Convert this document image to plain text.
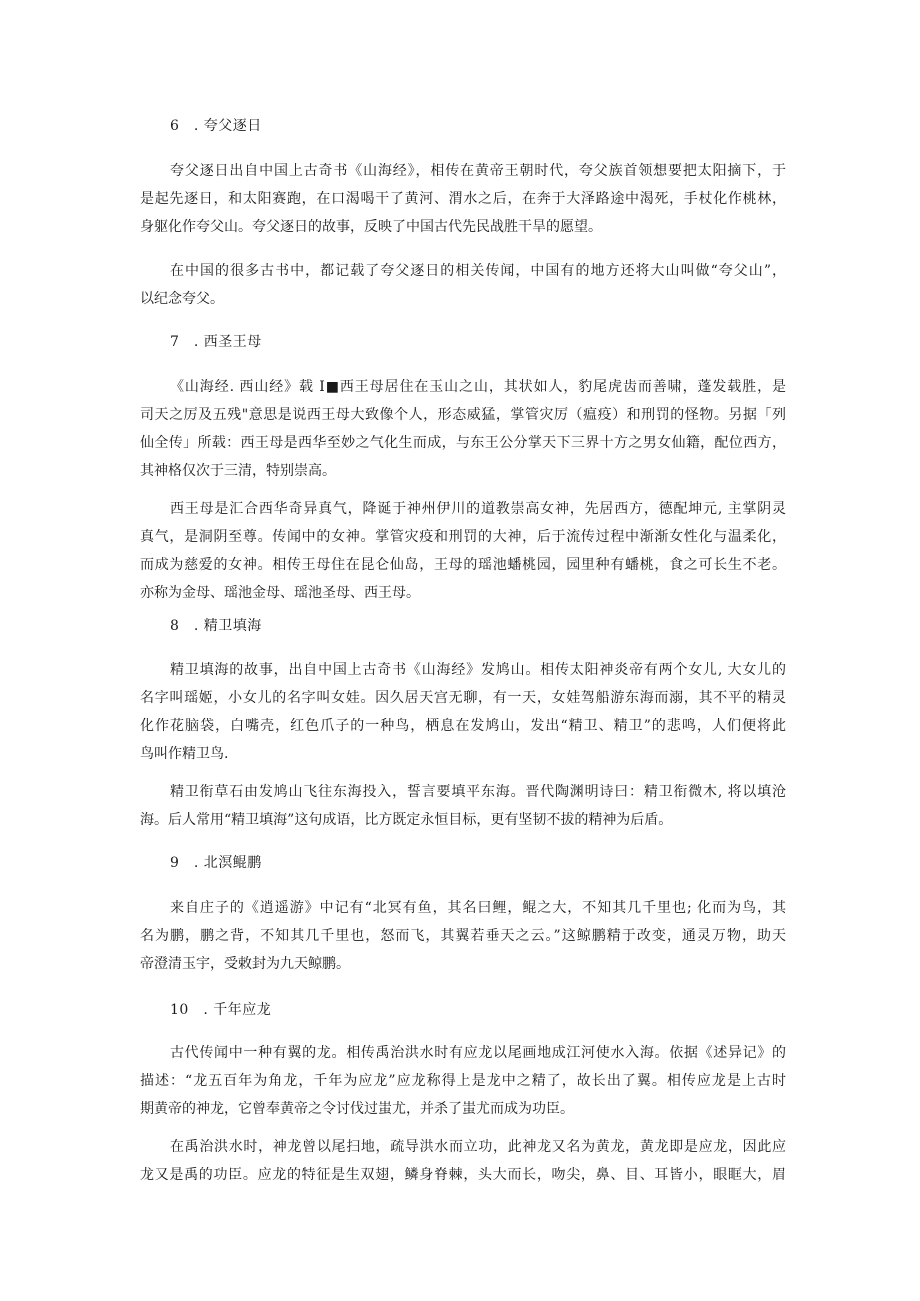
6　. 夸父逐日
夸父逐日出自中国上古奇书《山海经》，相传在黄帝王朝时代，夸父族首领想要把太阳摘下，于
是起先逐日，和太阳赛跑，在口渴喝干了黄河、渭水之后，在奔于大泽路途中渴死，手杖化作桃林，
身躯化作夸父山。夸父逐日的故事，反映了中国古代先民战胜干旱的愿望。
在中国的很多古书中，都记载了夸父逐日的相关传闻，中国有的地方还将大山叫做“夸父山”，
以纪念夸父。
7　. 西圣王母
《山海经. 西山经》载 I■西王母居住在玉山之山，其状如人，豹尾虎齿而善啸，蓬发载胜，是
司天之厉及五残"意思是说西王母大致像个人，形态威猛，掌管灾厉（瘟疫）和刑罚的怪物。另据「列
仙全传」所载：西王母是西华至妙之气化生而成，与东王公分掌天下三界十方之男女仙籍，配位西方，
其神格仅次于三清，特别崇高。
西王母是汇合西华奇异真气，降诞于神州伊川的道教崇高女神，先居西方，德配坤元, 主掌阴灵
真气，是洞阴至尊。传闻中的女神。掌管灾疫和刑罚的大神，后于流传过程中渐渐女性化与温柔化，
而成为慈爱的女神。相传王母住在昆仑仙岛，王母的瑶池蟠桃园，园里种有蟠桃，食之可长生不老。
亦称为金母、瑶池金母、瑶池圣母、西王母。
8　. 精卫填海
精卫填海的故事，出自中国上古奇书《山海经》发鸠山。相传太阳神炎帝有两个女儿, 大女儿的
名字叫瑶姬，小女儿的名字叫女娃。因久居天宫无聊，有一天，女娃驾船游东海而溺，其不平的精灵
化作花脑袋，白嘴壳，红色爪子的一种鸟，栖息在发鸠山，发出“精卫、精卫”的悲鸣，人们便将此
鸟叫作精卫鸟.
精卫衔草石由发鸠山飞往东海投入，誓言要填平东海。晋代陶渊明诗曰：精卫衔微木, 将以填沧
海。后人常用“精卫填海”这句成语，比方既定永恒目标，更有坚韧不拔的精神为后盾。
9　. 北溟鲲鹏
来自庄子的《逍遥游》中记有“北冥有鱼，其名曰鲤，鲲之大，不知其几千里也; 化而为鸟，其
名为鹏，鹏之背，不知其几千里也，怒而飞，其翼若垂天之云。”这鲸鹏精于改变，通灵万物，助天
帝澄清玉宇，受敕封为九天鲸鹏。
10　. 千年应龙
古代传闻中一种有翼的龙。相传禹治洪水时有应龙以尾画地成江河使水入海。依据《述异记》的
描述：“龙五百年为角龙，千年为应龙”应龙称得上是龙中之精了，故长出了翼。相传应龙是上古时
期黄帝的神龙，它曾奉黄帝之令讨伐过蚩尤，并杀了蚩尤而成为功臣。
在禹治洪水时，神龙曾以尾扫地，疏导洪水而立功，此神龙又名为黄龙，黄龙即是应龙，因此应
龙又是禹的功臣。应龙的特征是生双翅，鳞身脊棘，头大而长，吻尖，鼻、目、耳皆小，眼眶大，眉
